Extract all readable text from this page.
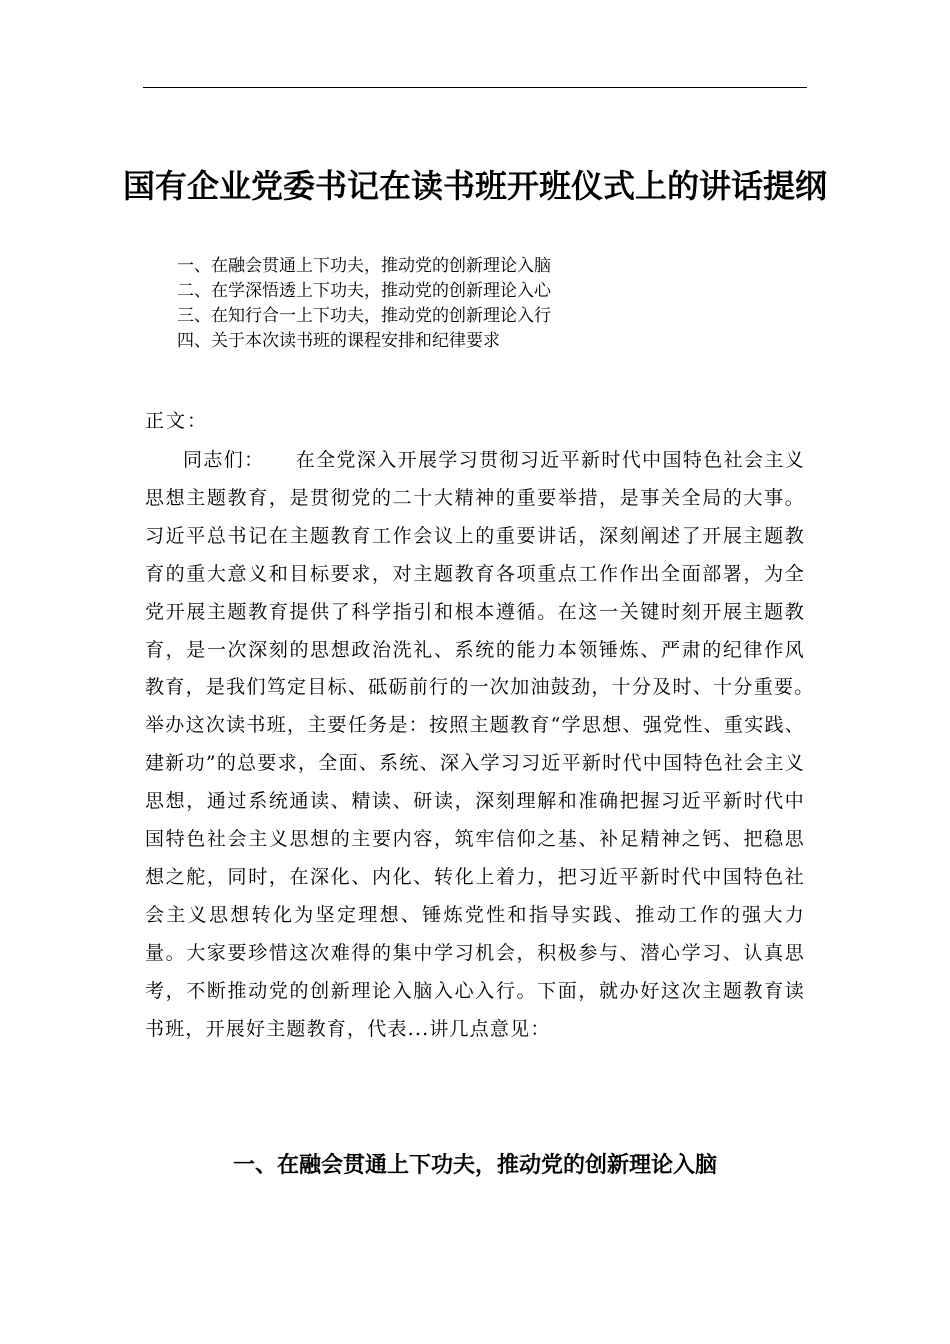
国有企业党委书记在读书班开班仪式上的讲话提纲
一、在融会贯通上下功夫，推动党的创新理论入脑
二、在学深悟透上下功夫，推动党的创新理论入心
三、在知行合一上下功夫，推动党的创新理论入行
四、关于本次读书班的课程安排和纪律要求

正文：

同志们：　　在全党深入开展学习贯彻习近平新时代中国特色社会主义思想主题教育，是贯彻党的二十大精神的重要举措，是事关全局的大事。习近平总书记在主题教育工作会议上的重要讲话，深刻阐述了开展主题教育的重大意义和目标要求，对主题教育各项重点工作作出全面部署，为全党开展主题教育提供了科学指引和根本遵循。在这一关键时刻开展主题教育，是一次深刻的思想政治洗礼、系统的能力本领锤炼、严肃的纪律作风教育，是我们笃定目标、砥砺前行的一次加油鼓劲，十分及时、十分重要。　举办这次读书班，主要任务是：按照主题教育“学思想、强党性、重实践、建新功”的总要求，全面、系统、深入学习习近平新时代中国特色社会主义思想，通过系统通读、精读、研读，深刻理解和准确把握习近平新时代中国特色社会主义思想的主要内容，筑牢信仰之基、补足精神之钙、把稳思想之舵，同时，在深化、内化、转化上着力，把习近平新时代中国特色社会主义思想转化为坚定理想、锤炼党性和指导实践、推动工作的强大力量。大家要珍惜这次难得的集中学习机会，积极参与、潜心学习、认真思考，不断推动党的创新理论入脑入心入行。下面，就办好这次主题教育读书班，开展好主题教育，代表...讲几点意见：

一、在融会贯通上下功夫，推动党的创新理论入脑
